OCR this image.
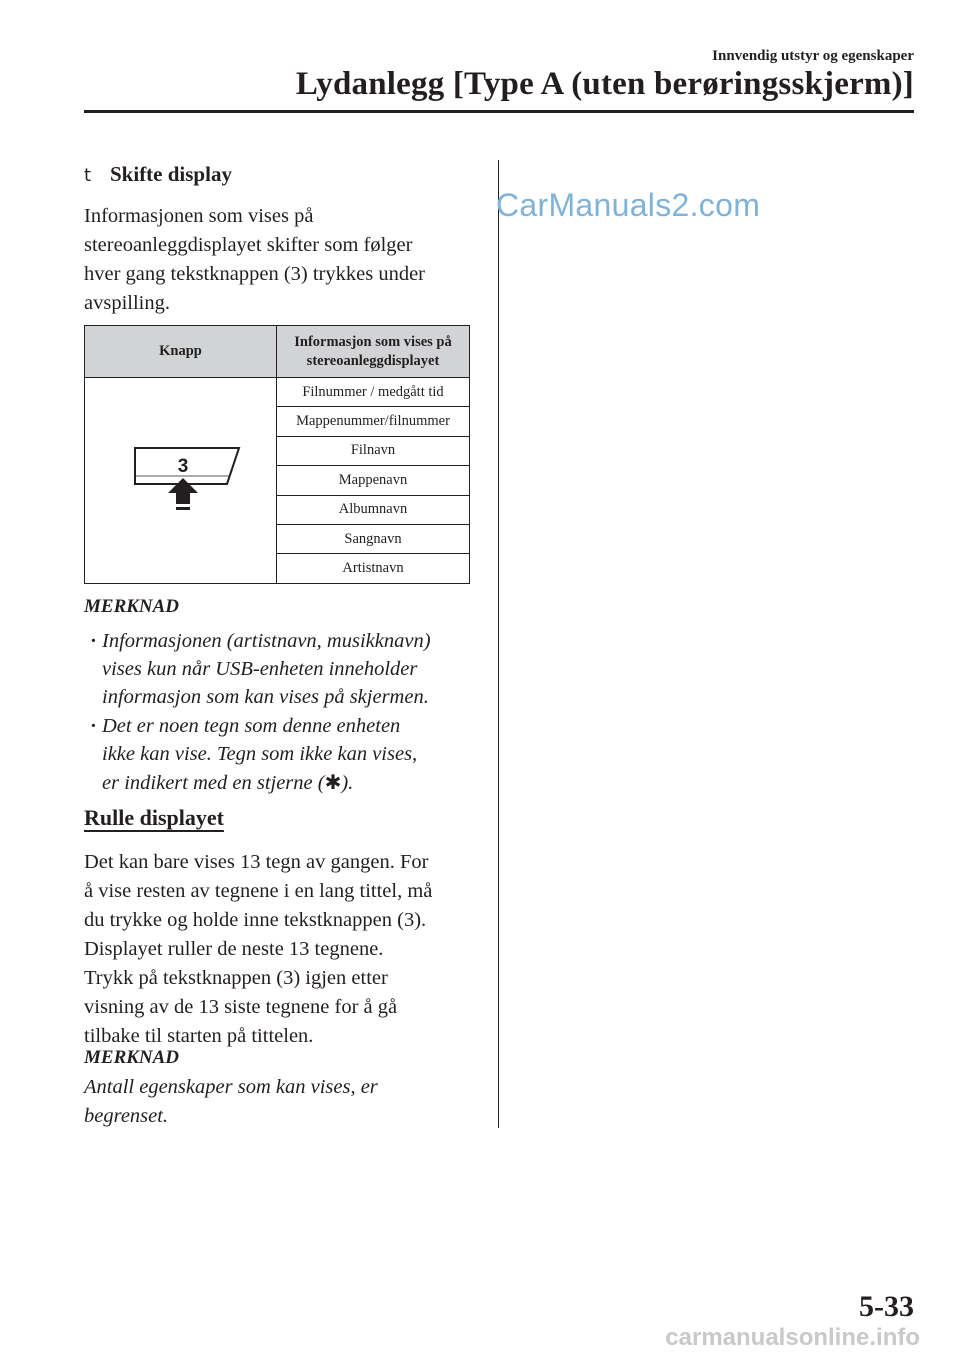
Innvendig utstyr og egenskaper
Lydanlegg [Type A (uten berøringsskjerm)]
CarManuals2.com
t Skifte display
Informasjonen som vises på
stereoanleggdisplayet skifter som følger
hver gang tekstknappen (3) trykkes under
avspilling.
Knapp	Informasjon som vises på
stereoanleggdisplayet

3	Filnummer / medgått tid
	Mappenummer/filnummer
	Filnavn
	Mappenavn
	Albumnavn
	Sangnavn
	Artistnavn
MERKNAD
· Informasjonen (artistnavn, musikknavn)
vises kun når USB-enheten inneholder
informasjon som kan vises på skjermen.
· Det er noen tegn som denne enheten
ikke kan vise. Tegn som ikke kan vises,
er indikert med en stjerne (✱).
Rulle displayet
Det kan bare vises 13 tegn av gangen. For
å vise resten av tegnene i en lang tittel, må
du trykke og holde inne tekstknappen (3).
Displayet ruller de neste 13 tegnene.
Trykk på tekstknappen (3) igjen etter
visning av de 13 siste tegnene for å gå
tilbake til starten på tittelen.
MERKNAD
Antall egenskaper som kan vises, er
begrenset.
5-33
carmanualsonline.info
